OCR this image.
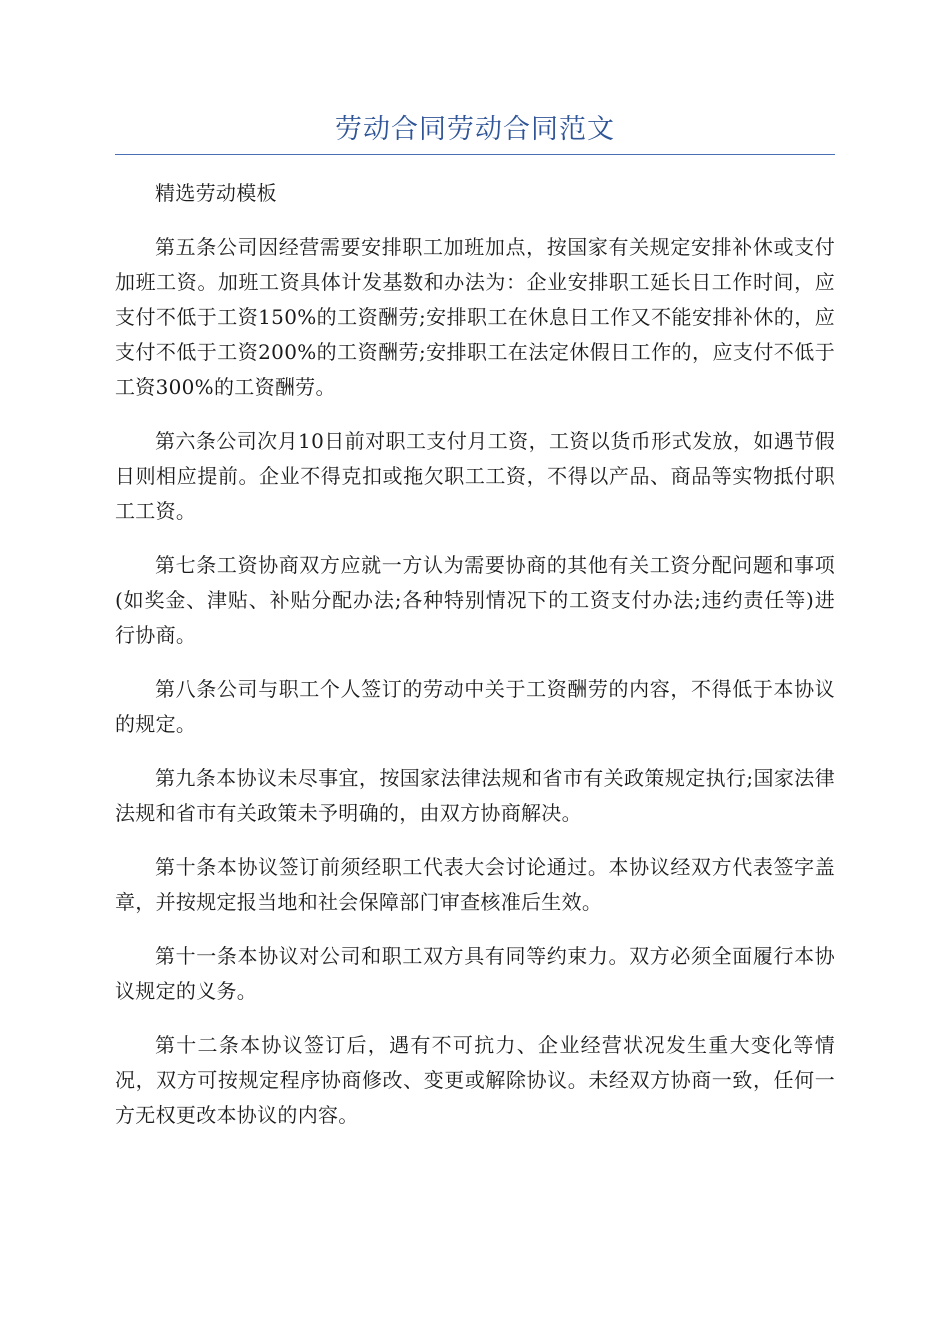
劳动合同劳动合同范文

精选劳动模板

第五条公司因经营需要安排职工加班加点，按国家有关规定安排补休或支付加班工资。加班工资具体计发基数和办法为：企业安排职工延长日工作时间，应支付不低于工资150%的工资酬劳;安排职工在休息日工作又不能安排补休的，应支付不低于工资200%的工资酬劳;安排职工在法定休假日工作的，应支付不低于工资300%的工资酬劳。

第六条公司次月10日前对职工支付月工资，工资以货币形式发放，如遇节假日则相应提前。企业不得克扣或拖欠职工工资，不得以产品、商品等实物抵付职工工资。

第七条工资协商双方应就一方认为需要协商的其他有关工资分配问题和事项(如奖金、津贴、补贴分配办法;各种特别情况下的工资支付办法;违约责任等)进行协商。

第八条公司与职工个人签订的劳动中关于工资酬劳的内容，不得低于本协议的规定。

第九条本协议未尽事宜，按国家法律法规和省市有关政策规定执行;国家法律法规和省市有关政策未予明确的，由双方协商解决。

第十条本协议签订前须经职工代表大会讨论通过。本协议经双方代表签字盖章，并按规定报当地和社会保障部门审查核准后生效。

第十一条本协议对公司和职工双方具有同等约束力。双方必须全面履行本协议规定的义务。

第十二条本协议签订后，遇有不可抗力、企业经营状况发生重大变化等情况，双方可按规定程序协商修改、变更或解除协议。未经双方协商一致，任何一方无权更改本协议的内容。
